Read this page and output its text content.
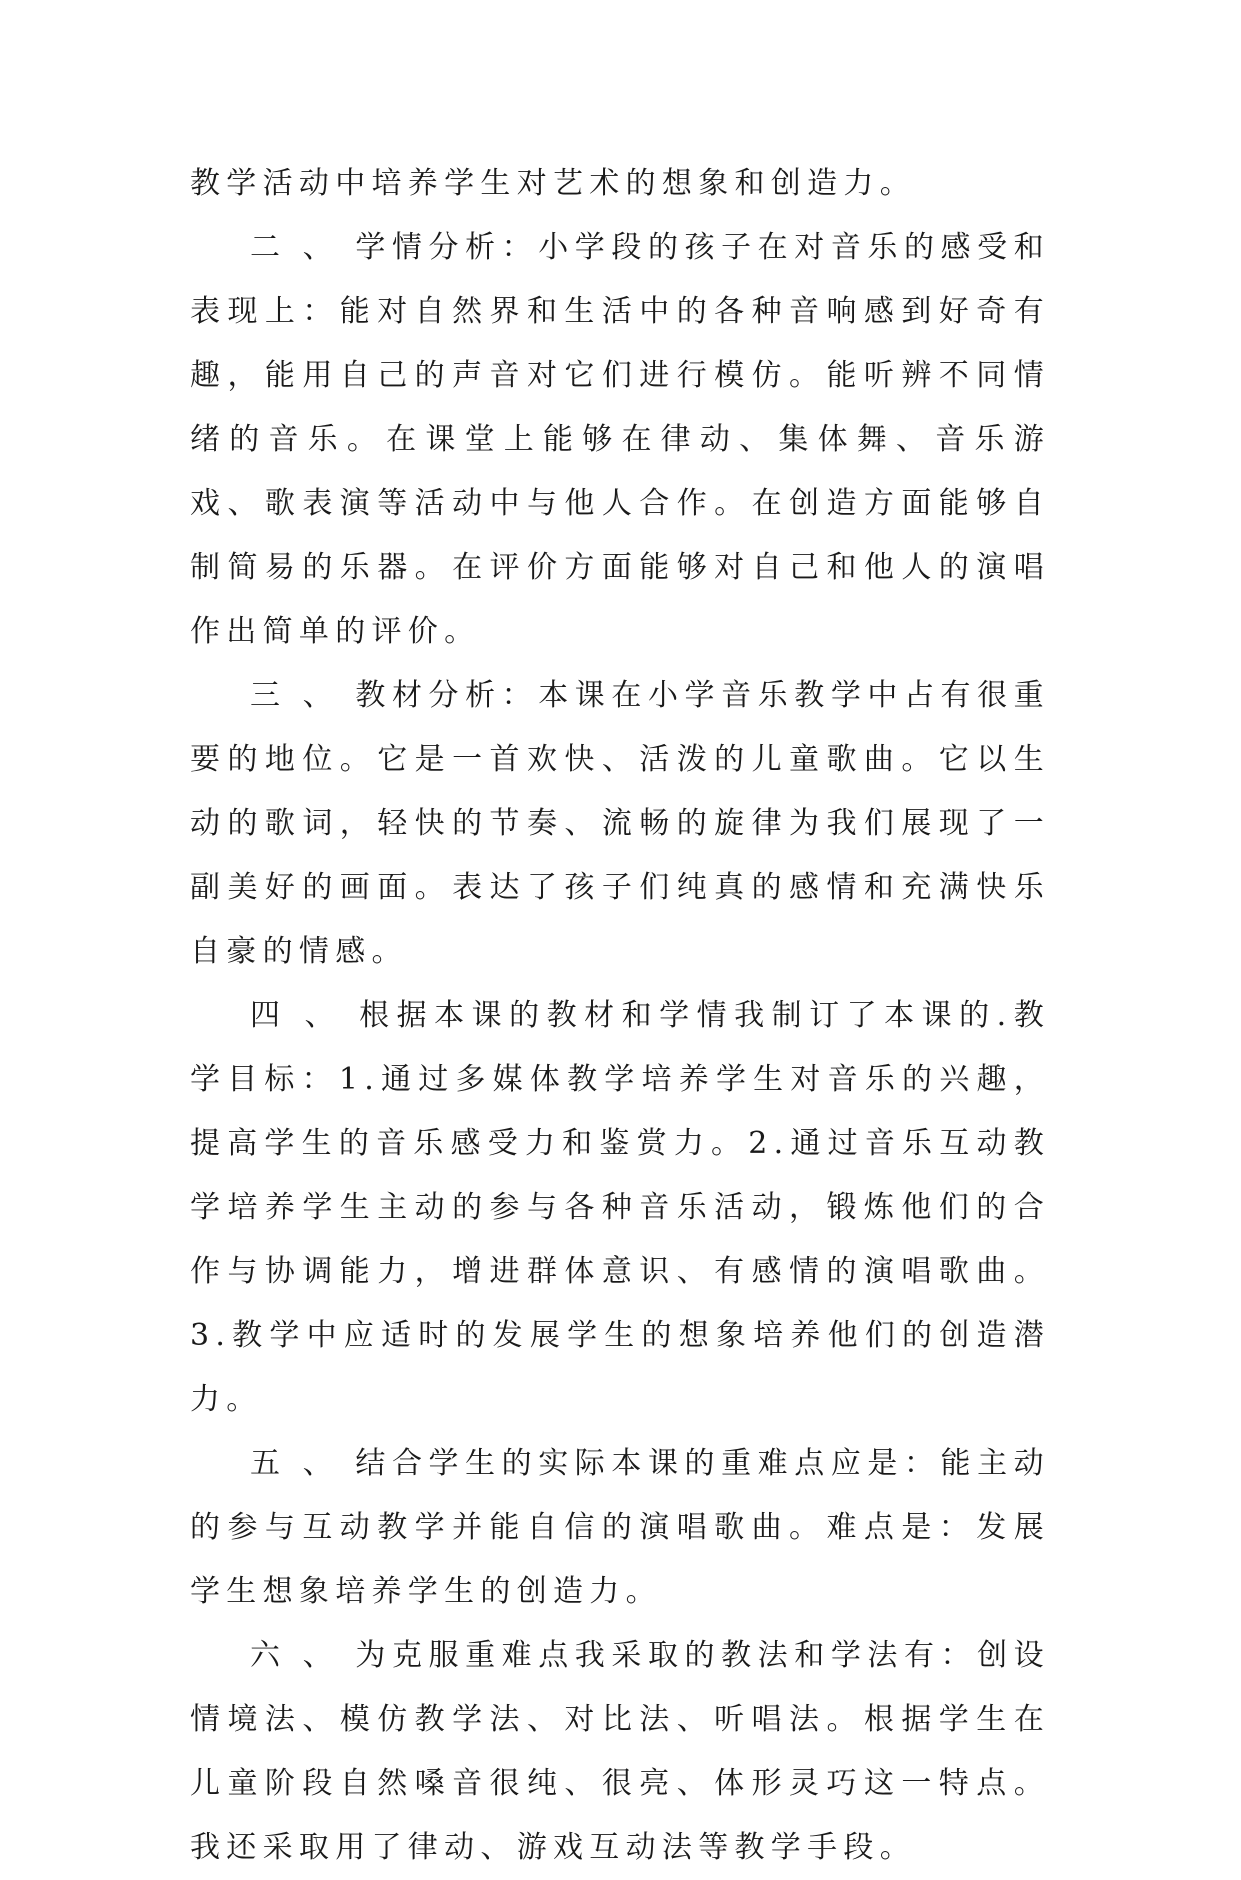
教学活动中培养学生对艺术的想象和创造力。

二 、 学情分析：小学段的孩子在对音乐的感受和表现上：能对自然界和生活中的各种音响感到好奇有趣，能用自己的声音对它们进行模仿。能听辨不同情绪的音乐。在课堂上能够在律动、集体舞、音乐游戏、歌表演等活动中与他人合作。在创造方面能够自制简易的乐器。在评价方面能够对自己和他人的演唱作出简单的评价。

三 、 教材分析：本课在小学音乐教学中占有很重要的地位。它是一首欢快、活泼的儿童歌曲。它以生动的歌词，轻快的节奏、流畅的旋律为我们展现了一副美好的画面。表达了孩子们纯真的感情和充满快乐自豪的情感。

四 、 根据本课的教材和学情我制订了本课的.教学目标：1.通过多媒体教学培养学生对音乐的兴趣，提高学生的音乐感受力和鉴赏力。2.通过音乐互动教学培养学生主动的参与各种音乐活动，锻炼他们的合作与协调能力，增进群体意识、有感情的演唱歌曲。3.教学中应适时的发展学生的想象培养他们的创造潜力。

五 、 结合学生的实际本课的重难点应是：能主动的参与互动教学并能自信的演唱歌曲。难点是：发展学生想象培养学生的创造力。

六 、 为克服重难点我采取的教法和学法有：创设情境法、模仿教学法、对比法、听唱法。根据学生在儿童阶段自然嗓音很纯、很亮、体形灵巧这一特点。我还采取用了律动、游戏互动法等教学手段。
